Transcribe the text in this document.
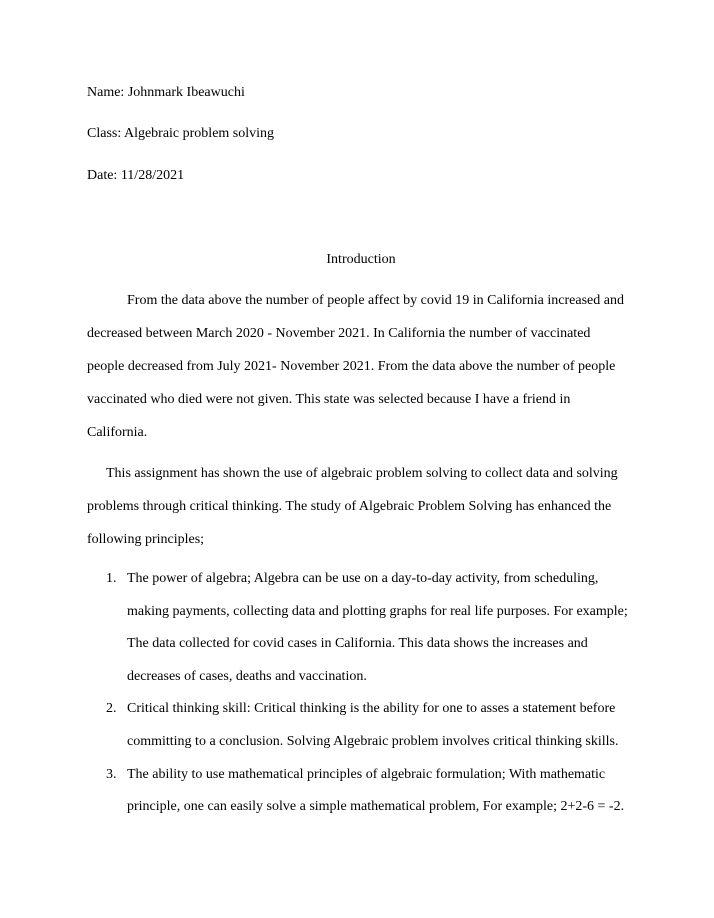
Name: Johnmark Ibeawuchi
Class: Algebraic problem solving
Date: 11/28/2021
Introduction
From the data above the number of people affect by covid 19 in California increased and
decreased between March 2020 - November 2021. In California the number of vaccinated
people decreased from July 2021- November 2021. From the data above the number of people
vaccinated who died were not given. This state was selected because I have a friend in
California.
This assignment has shown the use of algebraic problem solving to collect data and solving
problems through critical thinking. The study of Algebraic Problem Solving has enhanced the
following principles;
1. The power of algebra; Algebra can be use on a day-to-day activity, from scheduling,
making payments, collecting data and plotting graphs for real life purposes. For example;
The data collected for covid cases in California. This data shows the increases and
decreases of cases, deaths and vaccination.
2. Critical thinking skill: Critical thinking is the ability for one to asses a statement before
committing to a conclusion. Solving Algebraic problem involves critical thinking skills.
3. The ability to use mathematical principles of algebraic formulation; With mathematic
principle, one can easily solve a simple mathematical problem, For example; 2+2-6 = -2.
